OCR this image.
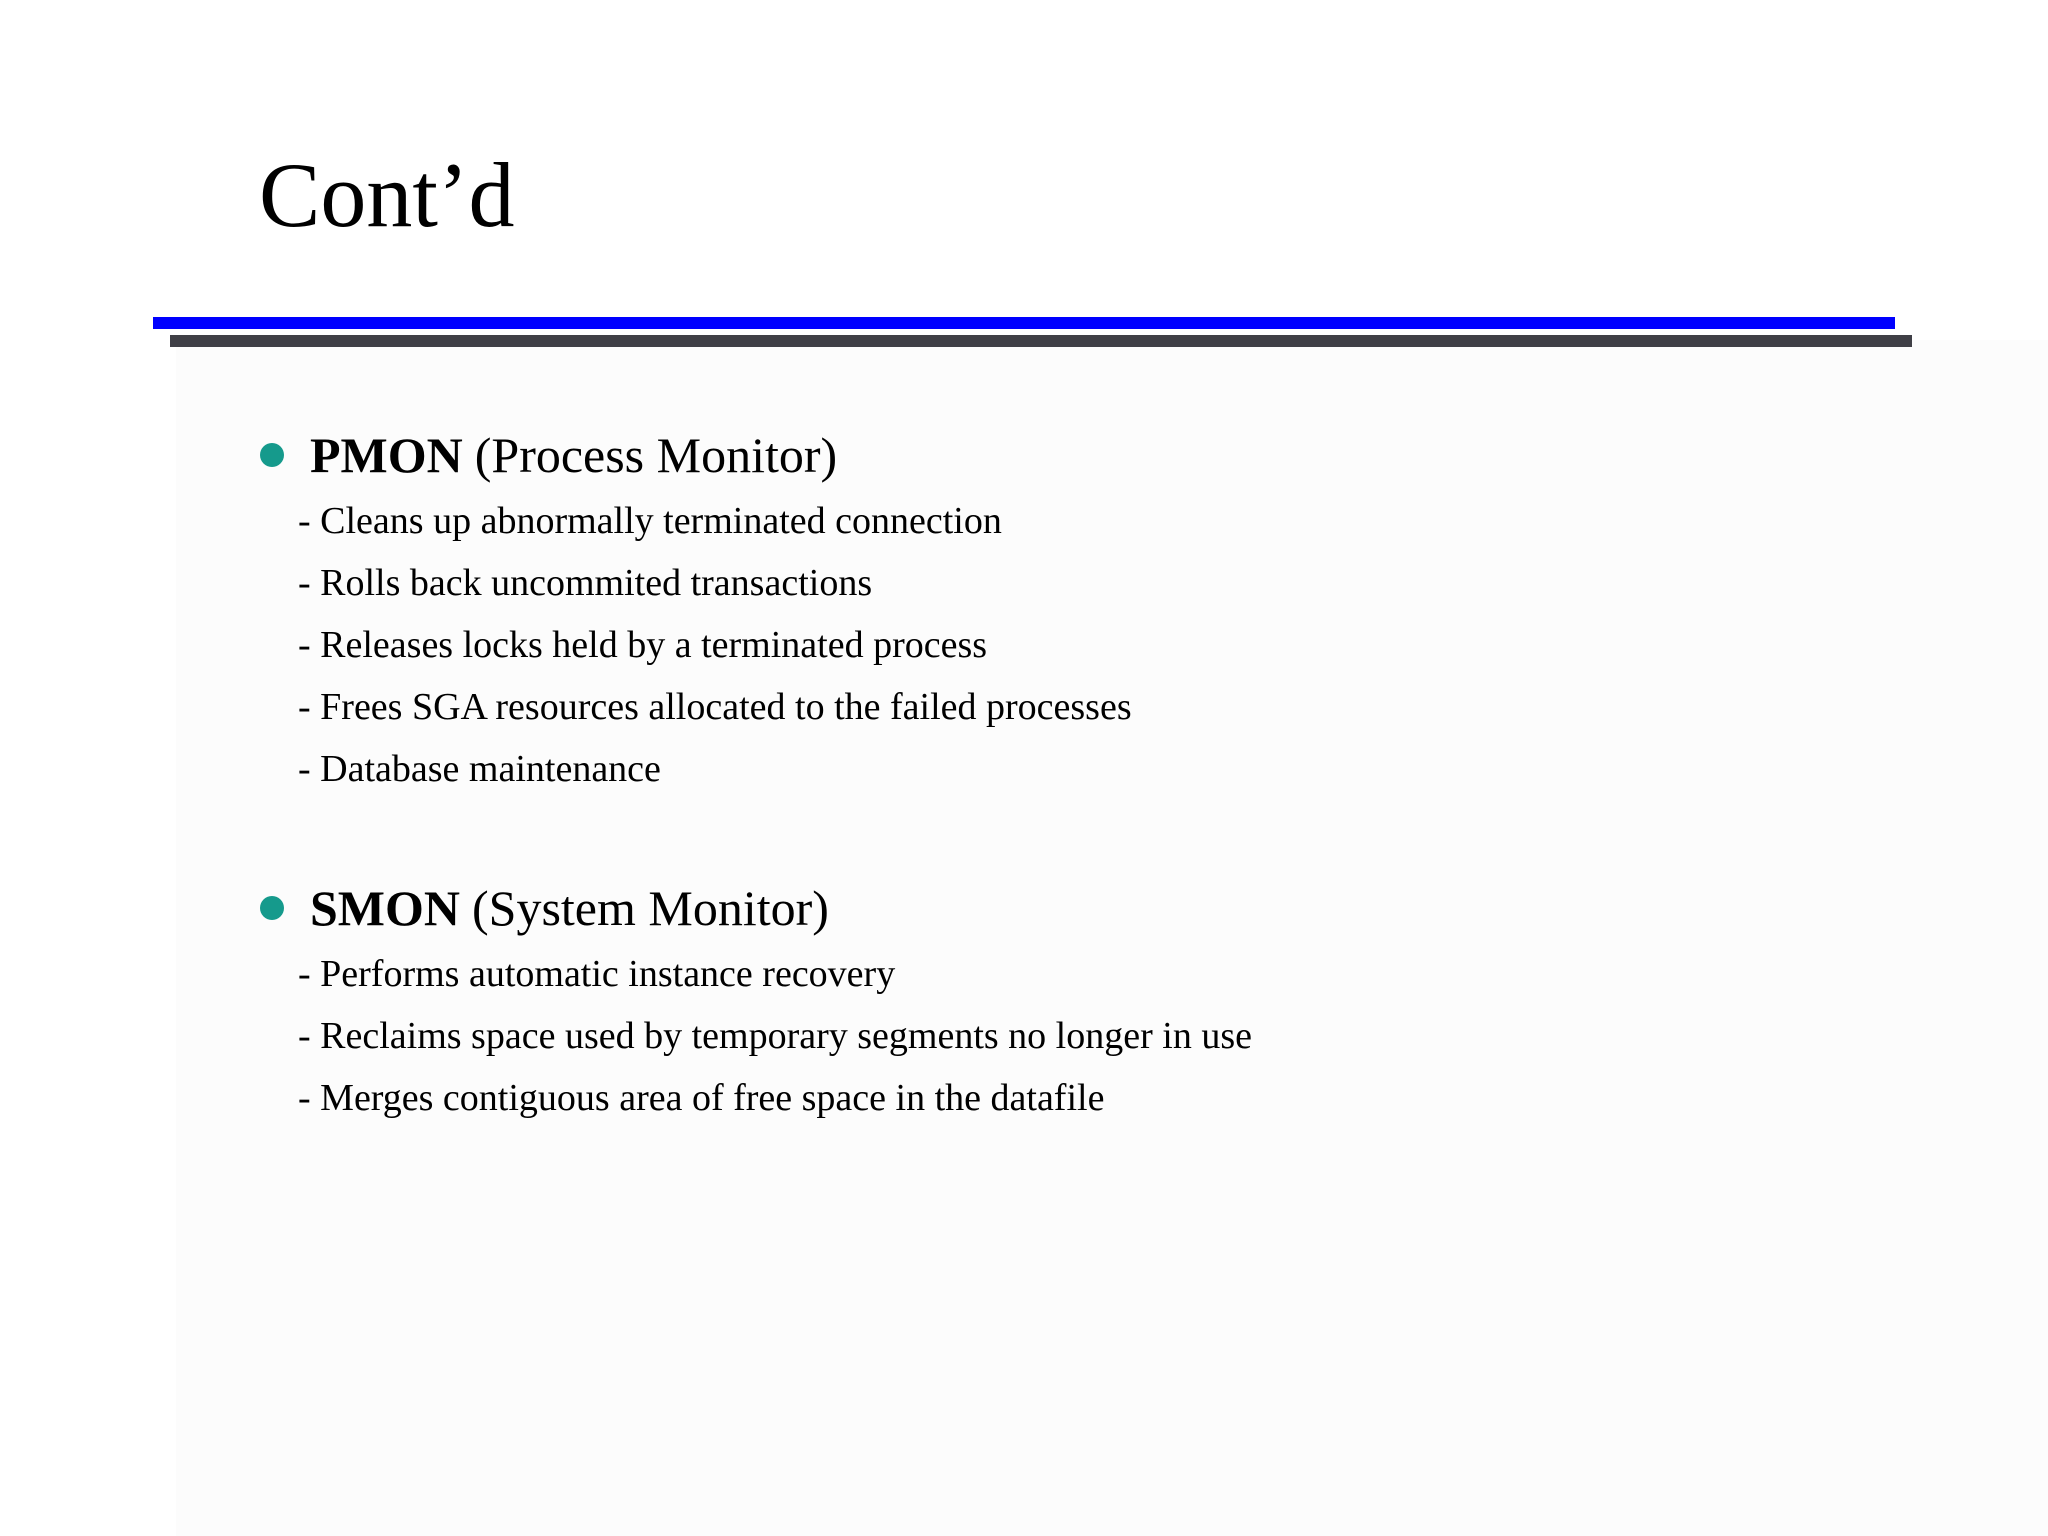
Cont’d
PMON (Process Monitor)
- Cleans up abnormally terminated connection
- Rolls back uncommited transactions
- Releases locks held by a terminated process
- Frees SGA resources allocated to the failed processes
- Database maintenance
SMON (System Monitor)
- Performs automatic instance recovery
- Reclaims space used by temporary segments no longer in use
- Merges contiguous area of free space in the datafile
